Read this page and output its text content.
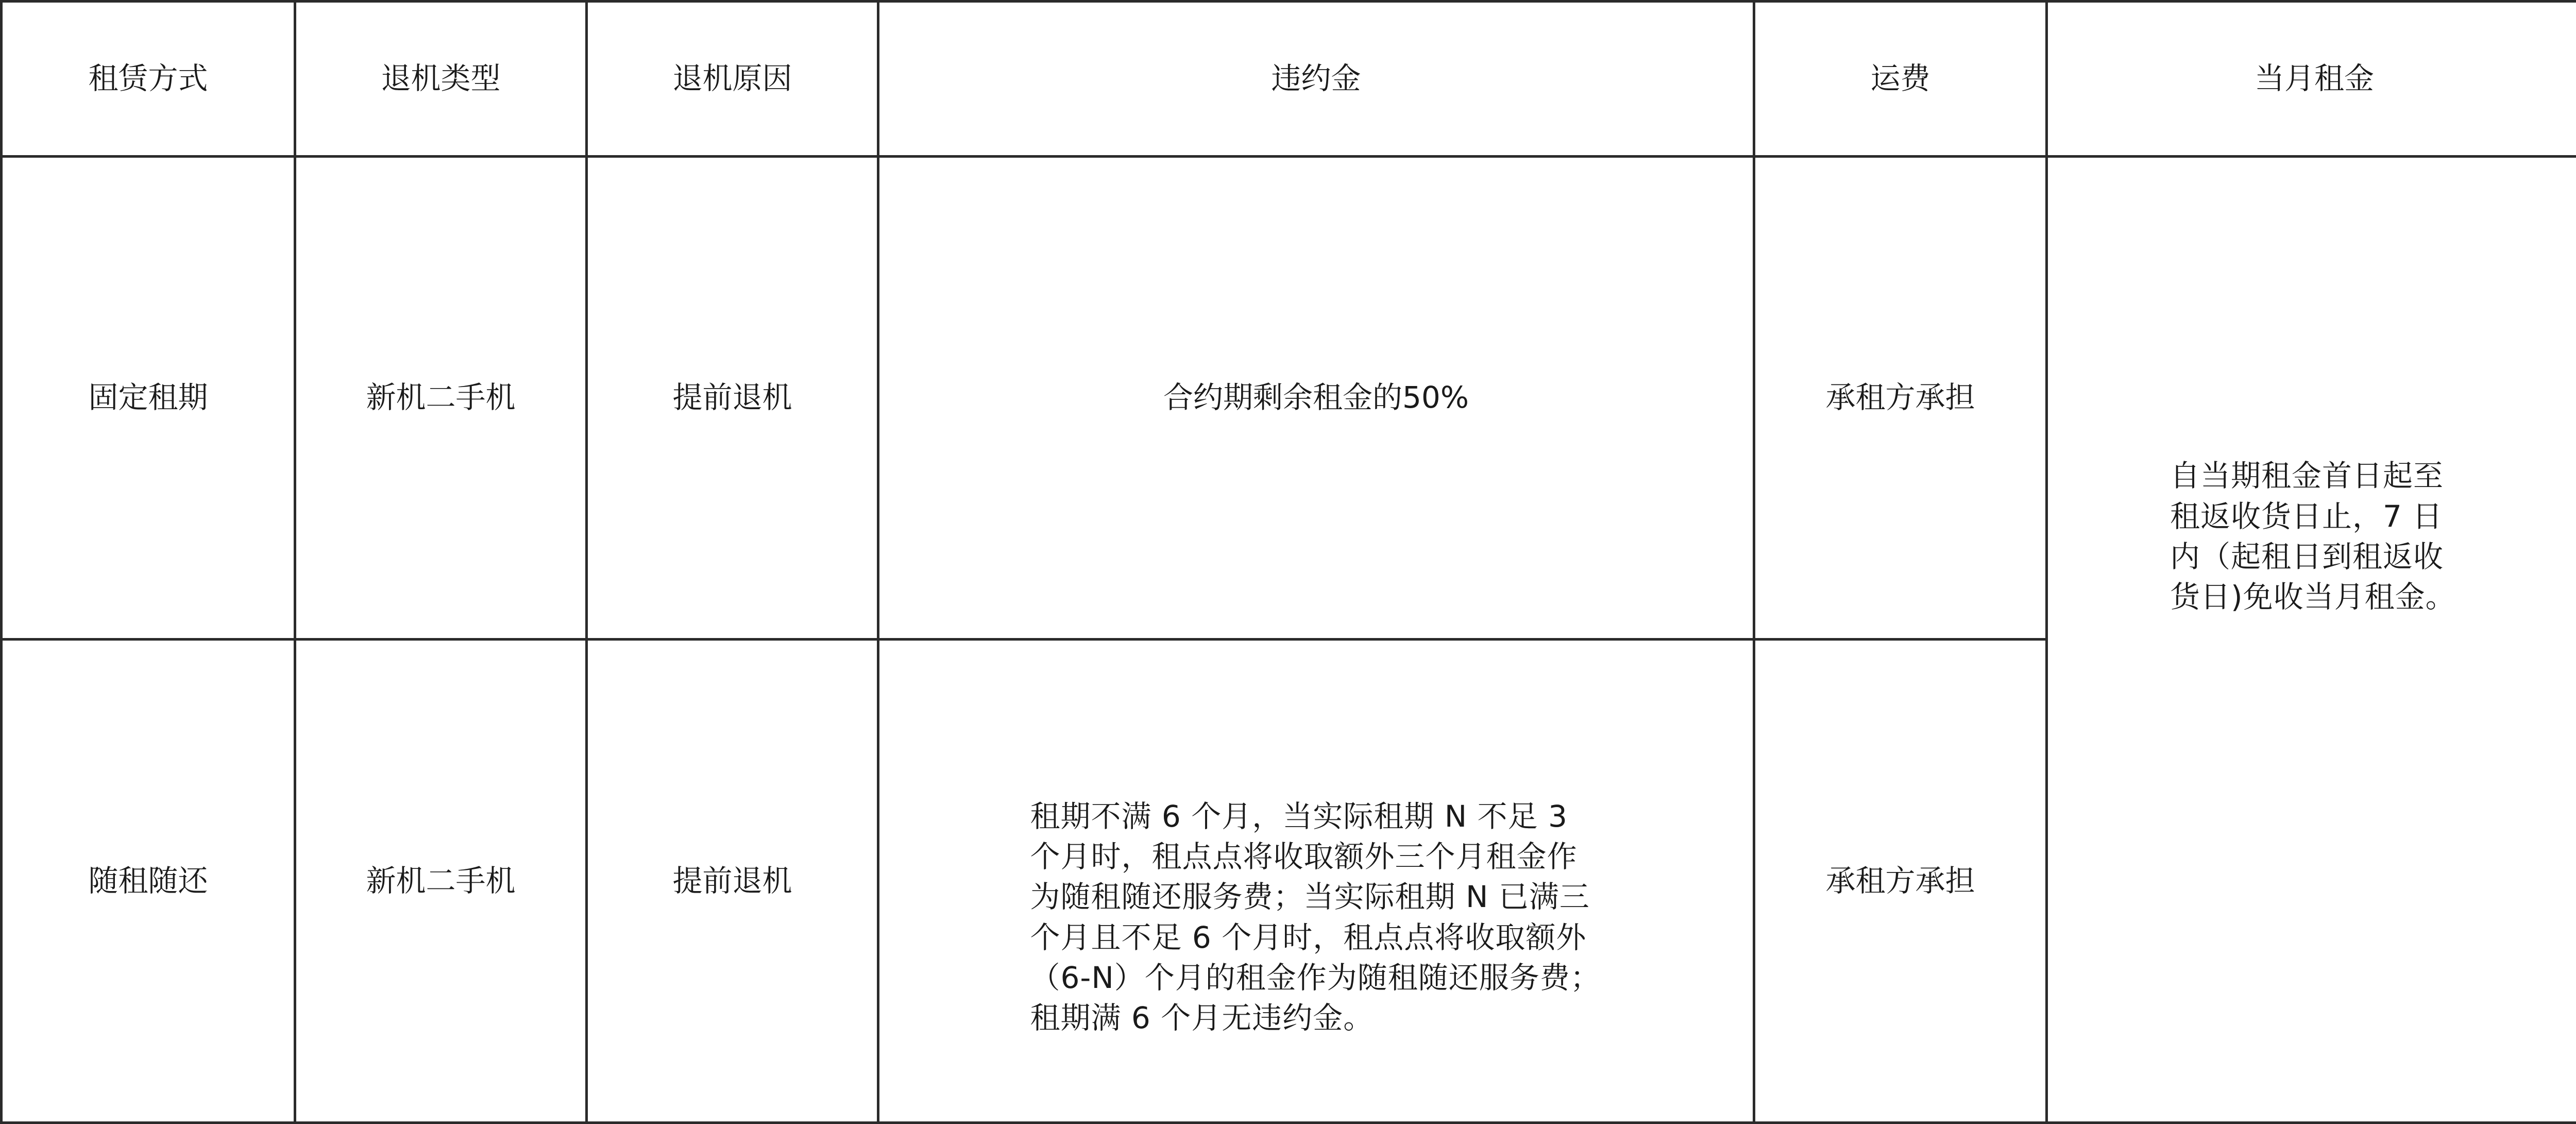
租赁方式	退机类型	退机原因	违约金	运费	当月租金
固定租期	新机二手机	提前退机	合约期剩余租金的50%	承租方承担	自当期租金首日起至租返收货日止，7 日内（起租日到租返收货日)免收当月租金。

随租随还	新机二手机	提前退机	租期不满 6 个月，当实际租期 N 不足 3 个月时，租点点将收取额外三个月租金作为随租随还服务费；当实际租期 N 已满三个月且不足 6 个月时，租点点将收取额外（6-N）个月的租金作为随租随还服务费；租期满 6 个月无违约金。	承租方承担	
